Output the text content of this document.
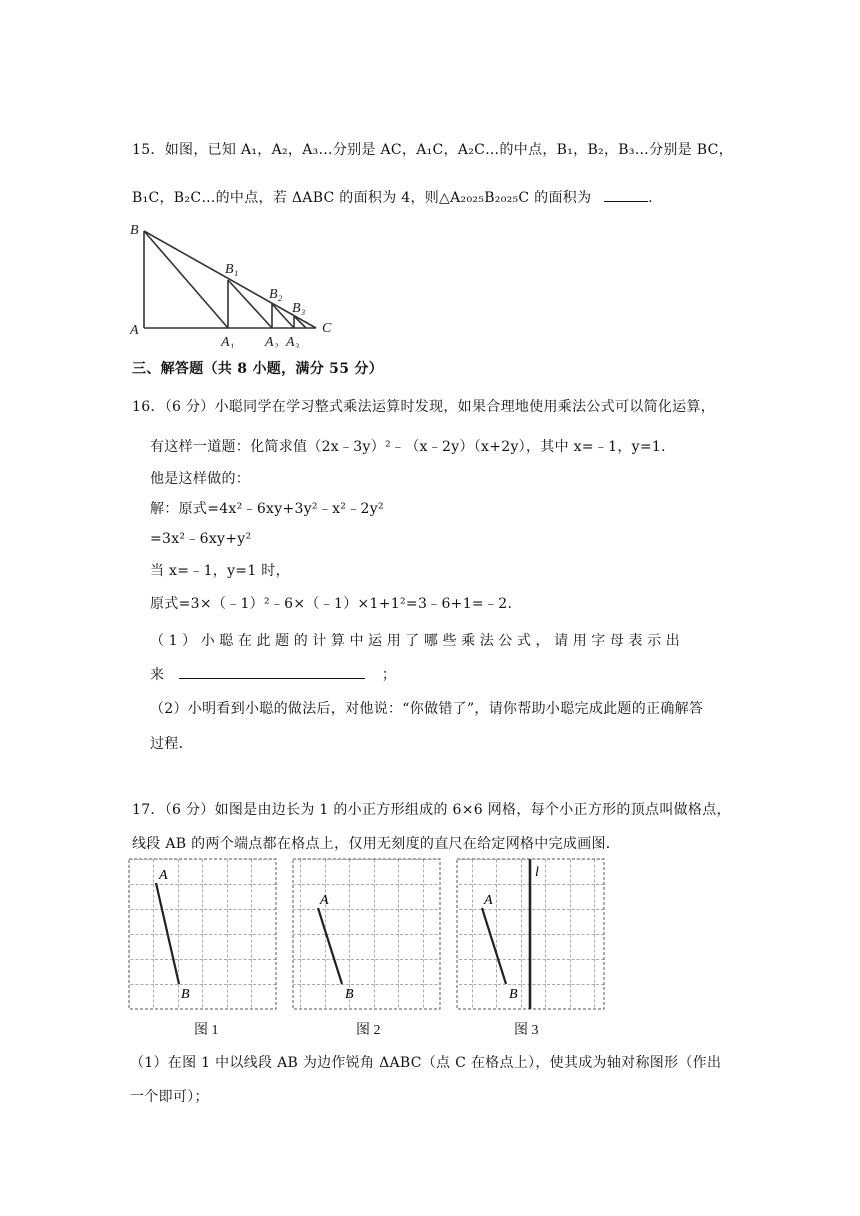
15．如图，已知 A₁，A₂，A₃…分别是 AC，A₁C，A₂C…的中点，B₁，B₂，B₃…分别是 BC，
B₁C，B₂C…的中点，若 ΔABC 的面积为 4，则△A₂₀₂₅B₂₀₂₅C 的面积为	.
B
A	C
B₁
B₂
B₃
A₁ A₂ A₃
三、解答题（共 8 小题，满分 55 分）
16．（6 分）小聪同学在学习整式乘法运算时发现，如果合理地使用乘法公式可以简化运算，
有这样一道题：化简求值（2x﹣3y）²﹣（x﹣2y）（x+2y），其中 x=﹣1，y=1．
他是这样做的：
解：原式=4x²﹣6xy+3y²﹣x²﹣2y²
=3x²﹣6xy+y²
当 x=﹣1，y=1 时，
原式=3×（﹣1）²﹣6×（﹣1）×1+1²=3﹣6+1=﹣2．
（1）小聪在此题的计算中运用了哪些乘法公式，请用字母表示出
来	；
（2）小明看到小聪的做法后，对他说：“你做错了”，请你帮助小聪完成此题的正确解答
过程．
17．（6 分）如图是由边长为 1 的小正方形组成的 6×6 网格，每个小正方形的顶点叫做格点，
线段 AB 的两个端点都在格点上，仅用无刻度的直尺在给定网格中完成画图．
A
B
A
B
A
B
l
图 1	图 2	图 3
（1）在图 1 中以线段 AB 为边作锐角 ΔABC（点 C 在格点上），使其成为轴对称图形（作出
一个即可）；
